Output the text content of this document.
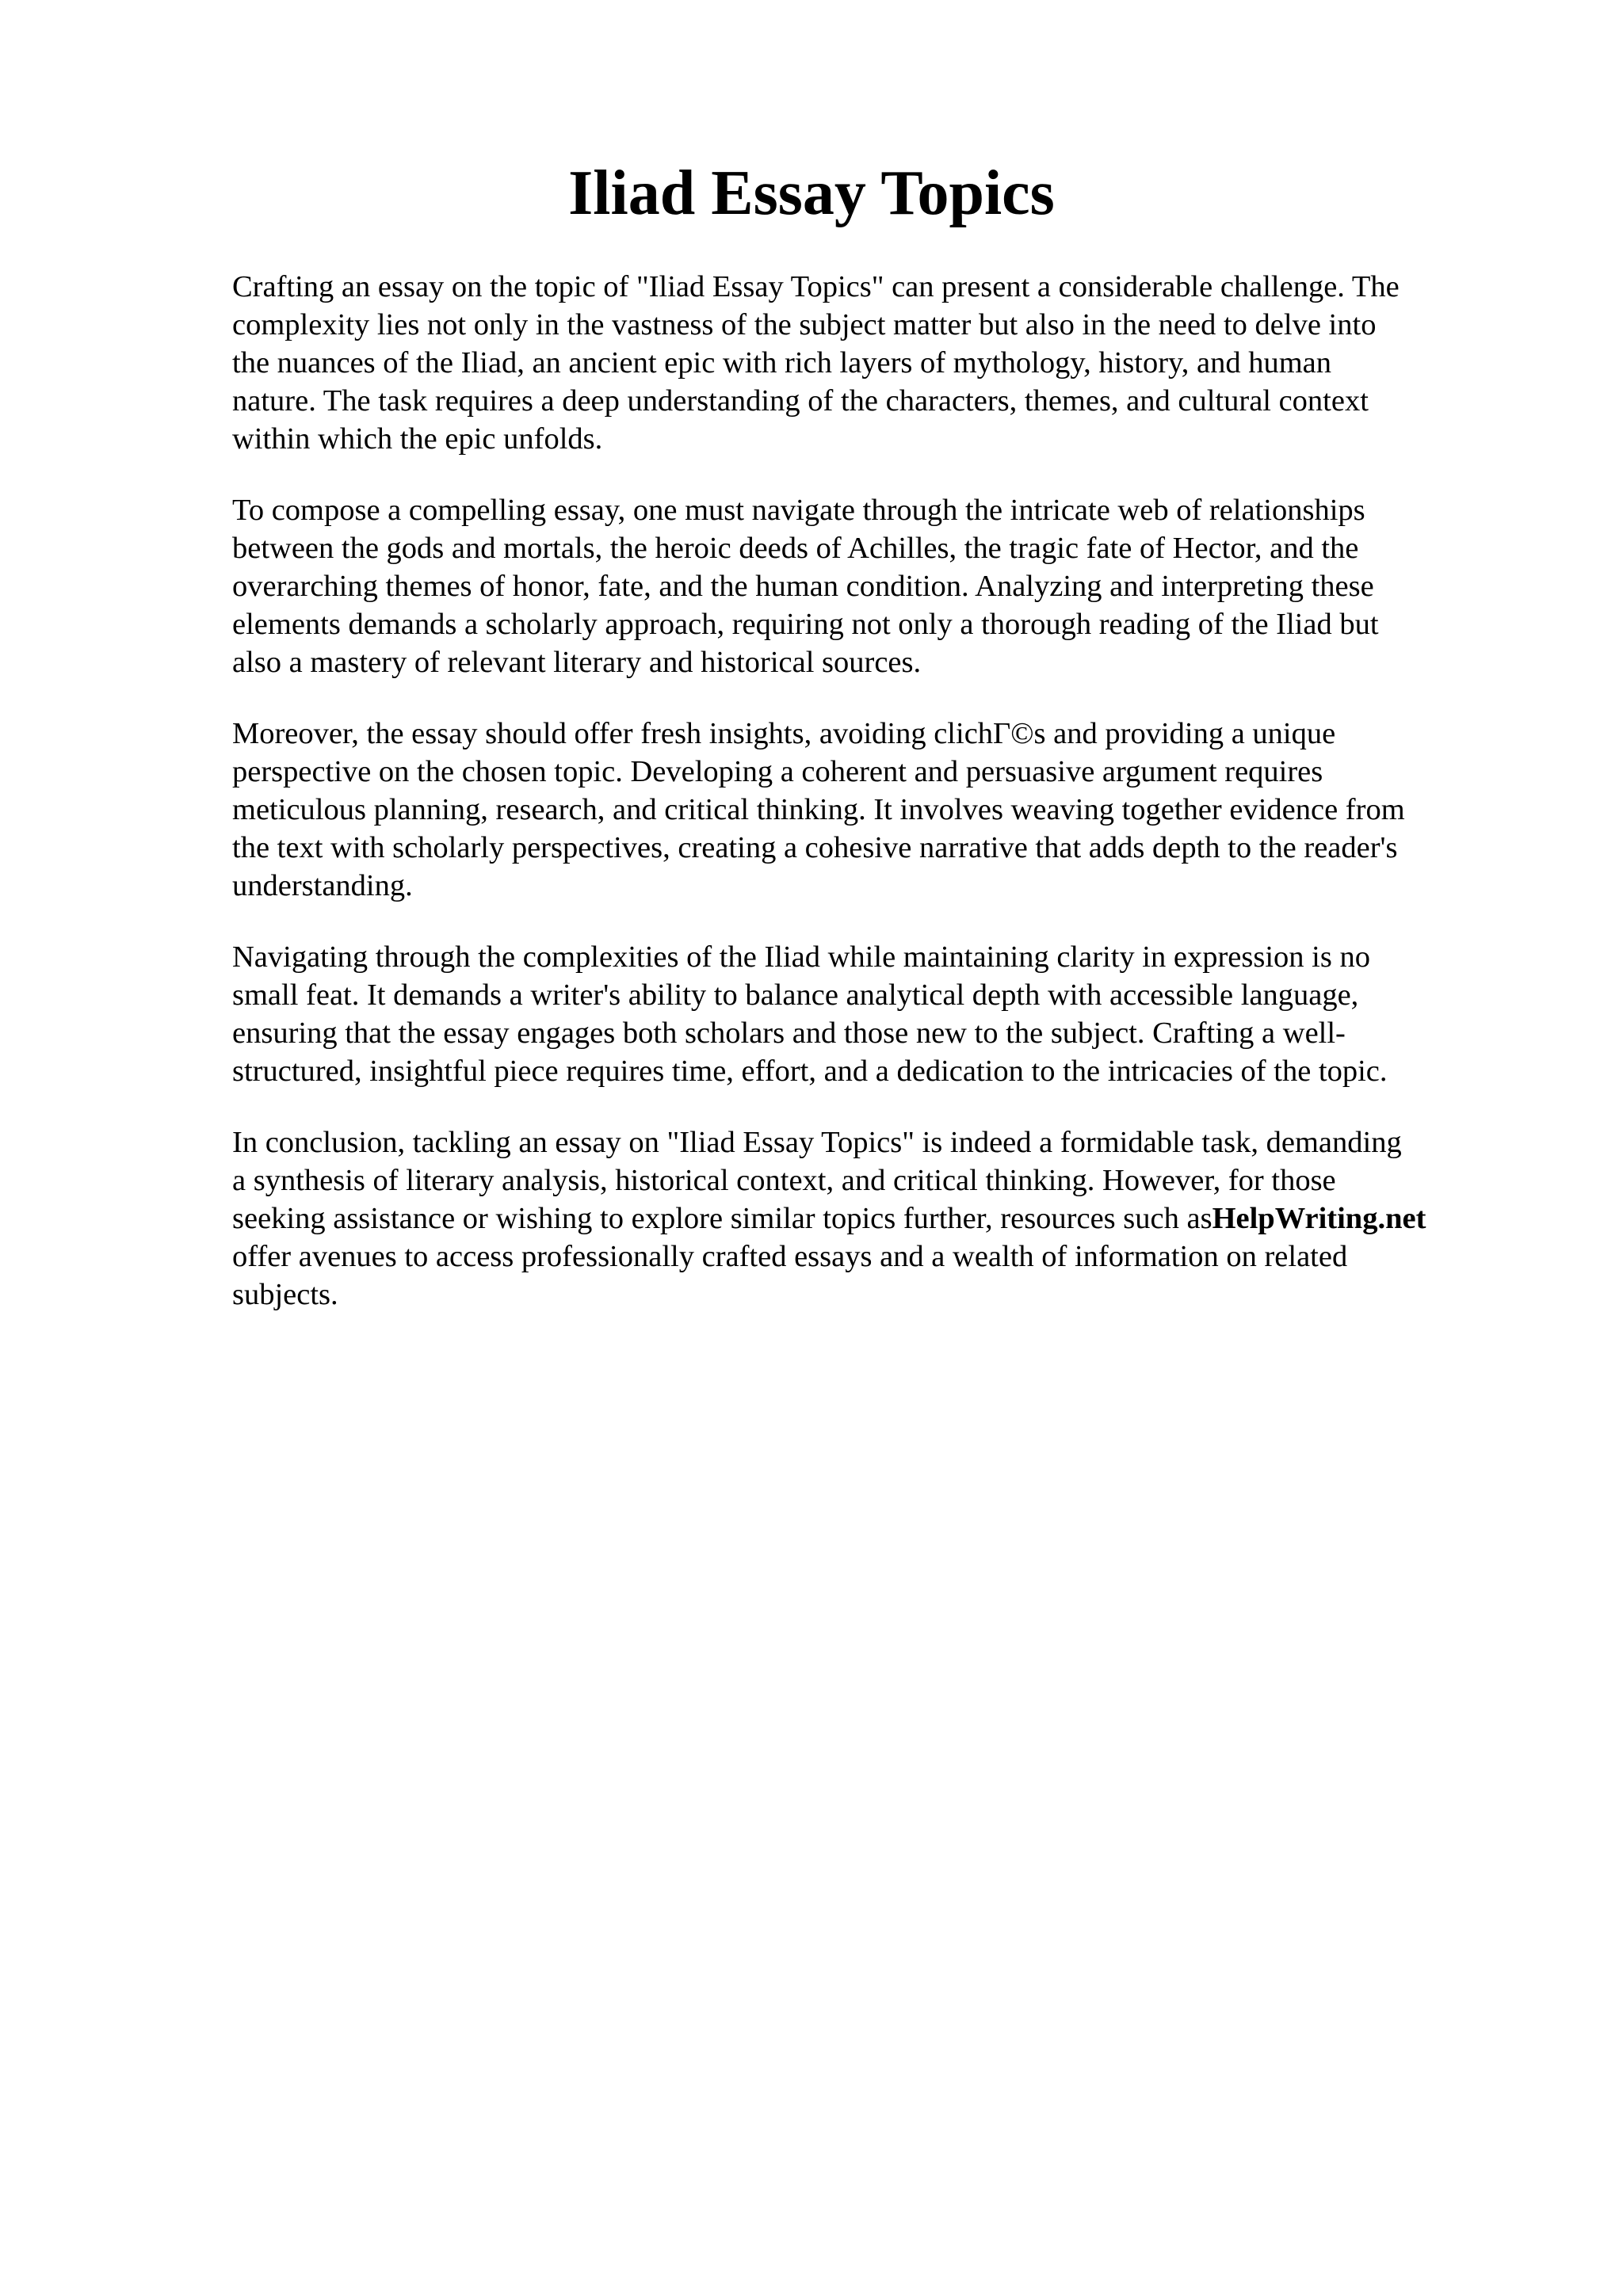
Iliad Essay Topics

Crafting an essay on the topic of "Iliad Essay Topics" can present a considerable challenge. The
complexity lies not only in the vastness of the subject matter but also in the need to delve into
the nuances of the Iliad, an ancient epic with rich layers of mythology, history, and human
nature. The task requires a deep understanding of the characters, themes, and cultural context
within which the epic unfolds.

To compose a compelling essay, one must navigate through the intricate web of relationships
between the gods and mortals, the heroic deeds of Achilles, the tragic fate of Hector, and the
overarching themes of honor, fate, and the human condition. Analyzing and interpreting these
elements demands a scholarly approach, requiring not only a thorough reading of the Iliad but
also a mastery of relevant literary and historical sources.

Moreover, the essay should offer fresh insights, avoiding clichГ©s and providing a unique
perspective on the chosen topic. Developing a coherent and persuasive argument requires
meticulous planning, research, and critical thinking. It involves weaving together evidence from
the text with scholarly perspectives, creating a cohesive narrative that adds depth to the reader's
understanding.

Navigating through the complexities of the Iliad while maintaining clarity in expression is no
small feat. It demands a writer's ability to balance analytical depth with accessible language,
ensuring that the essay engages both scholars and those new to the subject. Crafting a well-
structured, insightful piece requires time, effort, and a dedication to the intricacies of the topic.

In conclusion, tackling an essay on "Iliad Essay Topics" is indeed a formidable task, demanding
a synthesis of literary analysis, historical context, and critical thinking. However, for those
seeking assistance or wishing to explore similar topics further, resources such asHelpWriting.net
offer avenues to access professionally crafted essays and a wealth of information on related
subjects.
